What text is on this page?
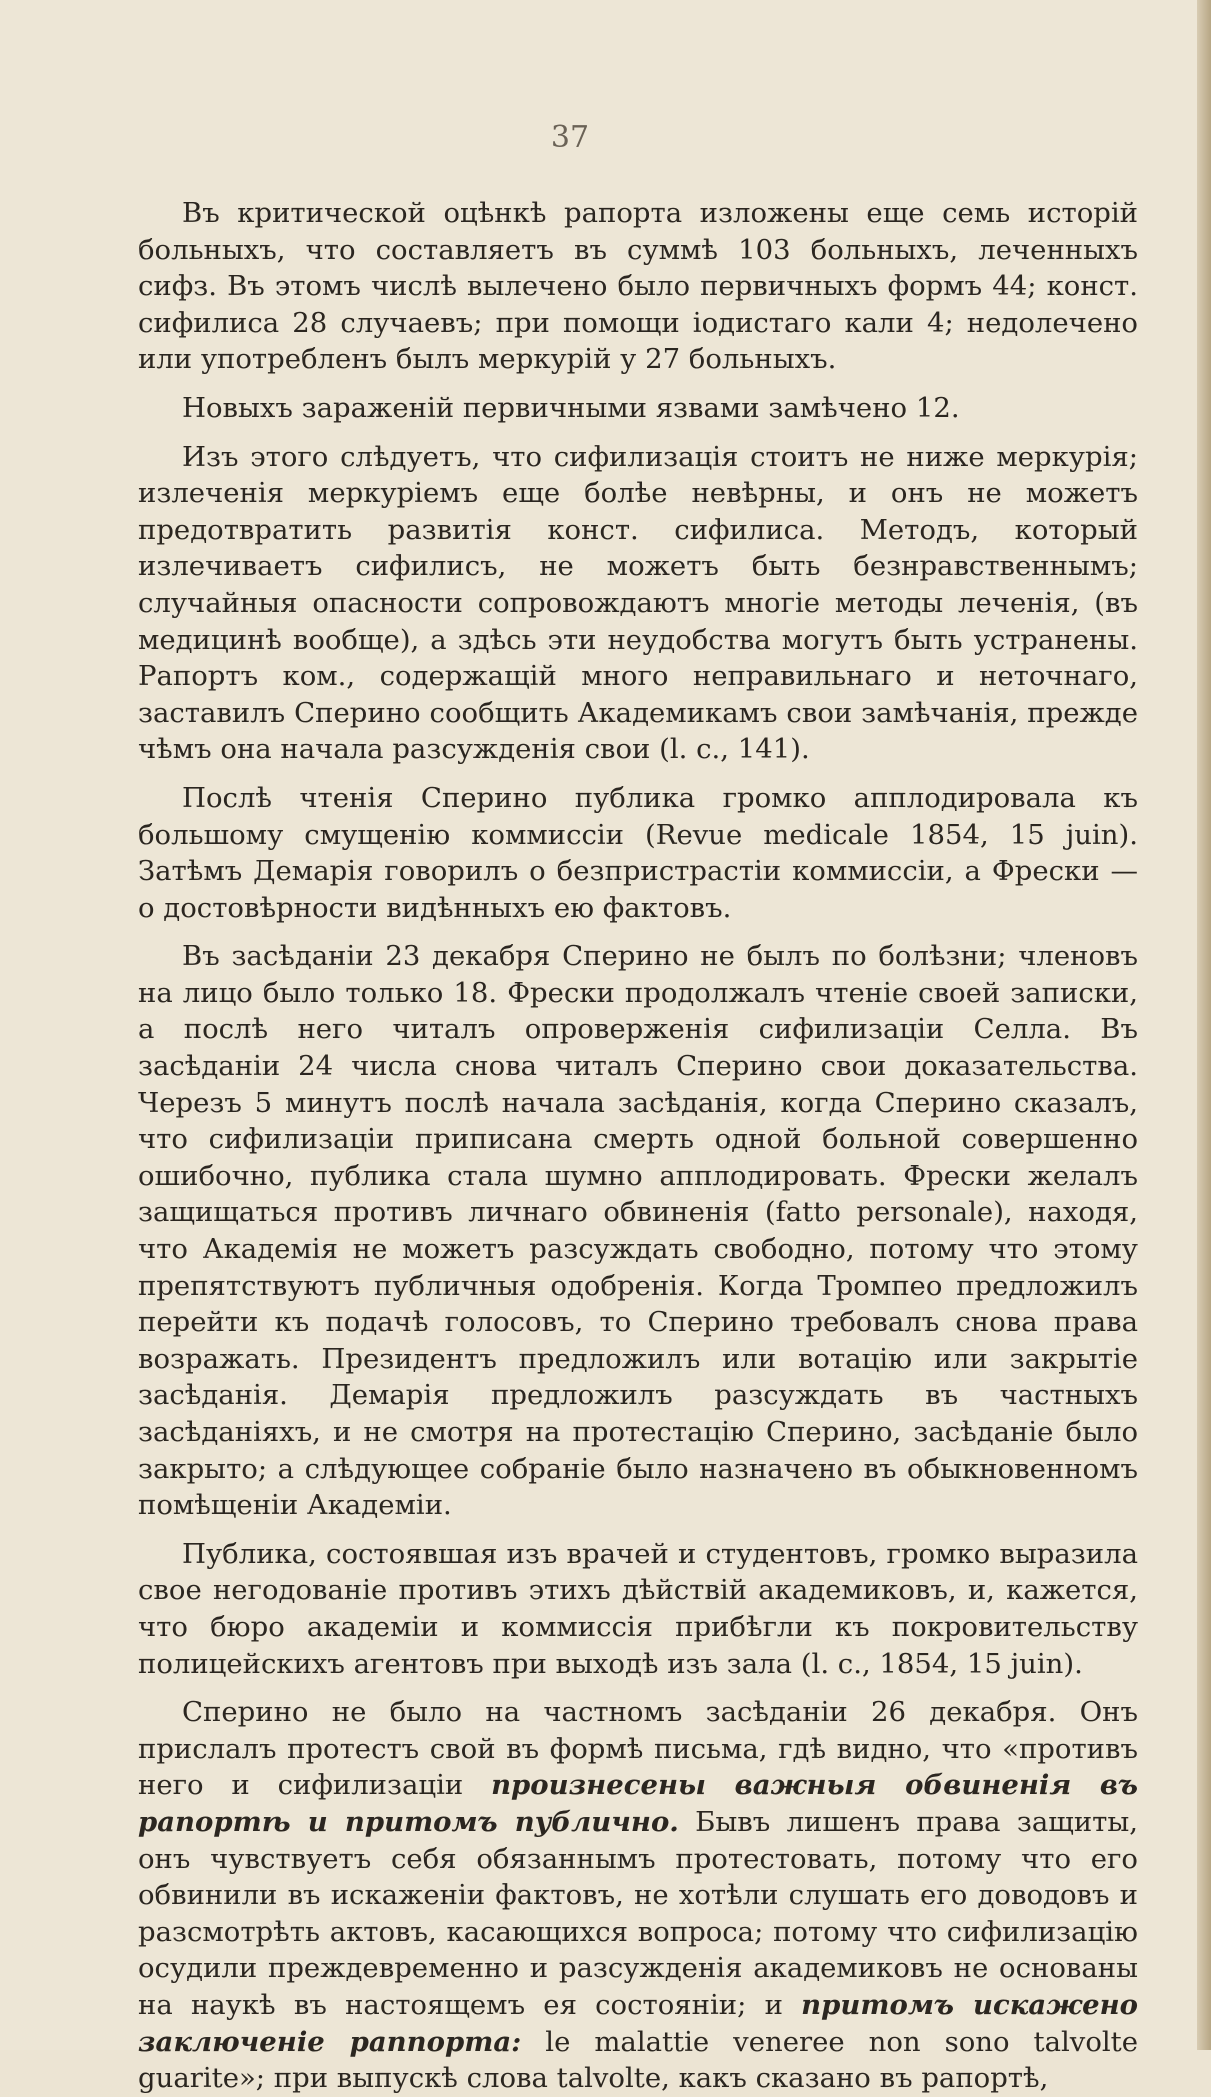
37

Въ критической оцѣнкѣ рапорта изложены еще семь исторiй больныхъ, что составляетъ въ суммѣ 103 больныхъ, леченныхъ сифз. Въ этомъ числѣ вылечено было первичныхъ формъ 44; конст. сифилиса 28 случаевъ; при помощи iодистаго кали 4; недолечено или употребленъ былъ меркурiй у 27 больныхъ.

Новыхъ зараженiй первичными язвами замѣчено 12.

Изъ этого слѣдуетъ, что сифилизацiя стоитъ не ниже меркурiя; излеченiя меркурiемъ еще болѣе невѣрны, и онъ не можетъ предотвратить развитiя конст. сифилиса. Методъ, который излечиваетъ сифилисъ, не можетъ быть безнравственнымъ; случайныя опасности сопровождаютъ многiе методы леченiя, (въ медицинѣ вообще), а здѣсь эти неудобства могутъ быть устранены. Рапортъ ком., содержащiй много неправильнаго и неточнаго, заставилъ Сперино сообщить Академикамъ свои замѣчанiя, прежде чѣмъ она начала разсужденiя свои (l. c., 141).

Послѣ чтенiя Сперино публика громко апплодировала къ большому смущенiю коммиссiи (Revue medicale 1854, 15 juin). Затѣмъ Демарiя говорилъ о безпристрастiи коммиссiи, а Фрески — о достовѣрности видѣнныхъ ею фактовъ.

Въ засѣданiи 23 декабря Сперино не былъ по болѣзни; членовъ на лицо было только 18. Фрески продолжалъ чтенiе своей записки, а послѣ него читалъ опроверженiя сифилизацiи Селла. Въ засѣданiи 24 числа снова читалъ Сперино свои доказательства. Черезъ 5 минутъ послѣ начала засѣданiя, когда Сперино сказалъ, что сифилизацiи приписана смерть одной больной совершенно ошибочно, публика стала шумно апплодировать. Фрески желалъ защищаться противъ личнаго обвиненiя (fatto personale), находя, что Академiя не можетъ разсуждать свободно, потому что этому препятствуютъ публичныя одобренiя. Когда Тромпео предложилъ перейти къ подачѣ голосовъ, то Сперино требовалъ снова права возражать. Президентъ предложилъ или вотацiю или закрытiе засѣданiя. Демарiя предложилъ разсуждать въ частныхъ засѣданiяхъ, и не смотря на протестацiю Сперино, засѣданiе было закрыто; а слѣдующее собранiе было назначено въ обыкновенномъ помѣщенiи Академiи.

Публика, состоявшая изъ врачей и студентовъ, громко выразила свое негодованiе противъ этихъ дѣйствiй академиковъ, и, кажется, что бюро академiи и коммиссiя прибѣгли къ покровительству полицейскихъ агентовъ при выходѣ изъ зала (l. c., 1854, 15 juin).

Сперино не было на частномъ засѣданiи 26 декабря. Онъ прислалъ протестъ свой въ формѣ письма, гдѣ видно, что «противъ него и сифилизацiи произнесены важныя обвиненiя въ рапортѣ и притомъ публично. Бывъ лишенъ права защиты, онъ чувствуетъ себя обязаннымъ протестовать, потому что его обвинили въ искаженiи фактовъ, не хотѣли слушать его доводовъ и разсмотрѣть актовъ, касающихся вопроса; потому что сифилизацiю осудили преждевременно и разсужденiя академиковъ не основаны на наукѣ въ настоящемъ ея состоянiи; и притомъ искажено заключенiе раппорта: le malattie veneree non sono talvolte guarite»; при выпускѣ слова talvolte, какъ сказано въ рапортѣ,
